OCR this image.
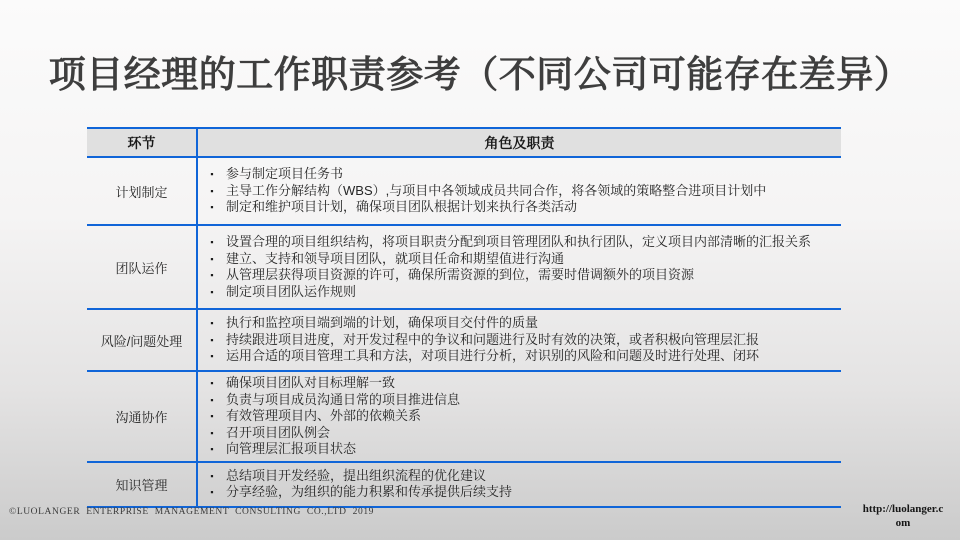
项目经理的工作职责参考（不同公司可能存在差异）
环节	角色及职责
计划制定	
▪ 参与制定项目任务书
▪ 主导工作分解结构（WBS）,与项目中各领域成员共同合作，将各领域的策略整合进项目计划中
▪ 制定和维护项目计划，确保项目团队根据计划来执行各类活动

团队运作	
▪ 设置合理的项目组织结构，将项目职责分配到项目管理团队和执行团队，定义项目内部清晰的汇报关系
▪ 建立、支持和领导项目团队，就项目任命和期望值进行沟通
▪ 从管理层获得项目资源的许可，确保所需资源的到位，需要时借调额外的项目资源
▪ 制定项目团队运作规则

风险/问题处理	
▪ 执行和监控项目端到端的计划，确保项目交付件的质量
▪ 持续跟进项目进度，对开发过程中的争议和问题进行及时有效的决策，或者积极向管理层汇报
▪ 运用合适的项目管理工具和方法，对项目进行分析，对识别的风险和问题及时进行处理、闭环

沟通协作	
▪ 确保项目团队对目标理解一致
▪ 负责与项目成员沟通日常的项目推进信息
▪ 有效管理项目内、外部的依赖关系
▪ 召开项目团队例会
▪ 向管理层汇报项目状态

知识管理	
▪ 总结项目开发经验，提出组织流程的优化建议
▪ 分享经验，为组织的能力积累和传承提供后续支持
©LUOLANGER ENTERPRISE MANAGEMENT CONSULTING CO.,LTD 2019	http://luolanger.com
